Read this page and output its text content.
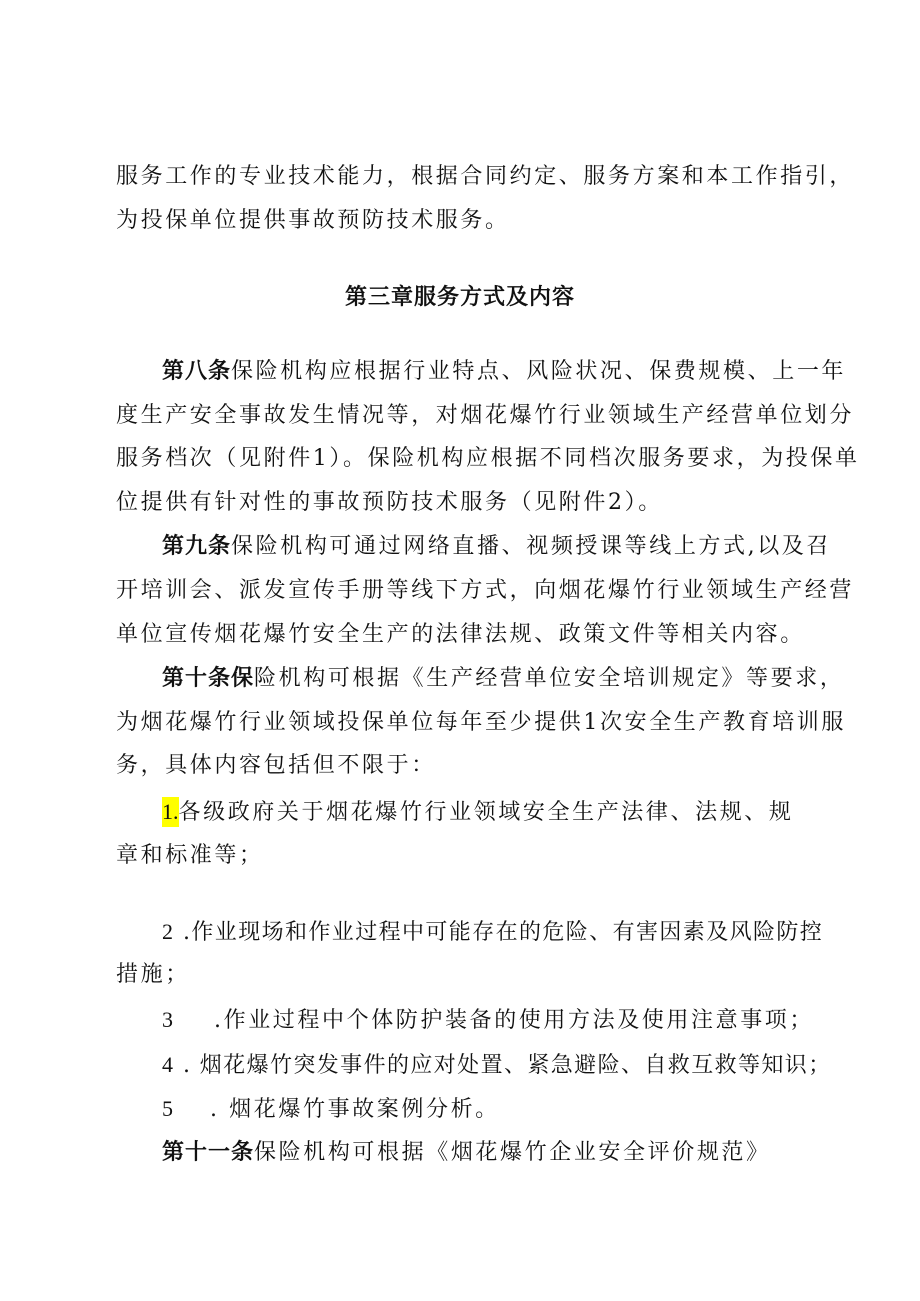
服务工作的专业技术能力，根据合同约定、服务方案和本工作指引，
为投保单位提供事故预防技术服务。
第三章服务方式及内容
第八条保险机构应根据行业特点、风险状况、保费规模、上一年
度生产安全事故发生情况等，对烟花爆竹行业领域生产经营单位划分
服务档次（见附件1）。保险机构应根据不同档次服务要求，为投保单
位提供有针对性的事故预防技术服务（见附件2）。
第九条保险机构可通过网络直播、视频授课等线上方式,以及召
开培训会、派发宣传手册等线下方式，向烟花爆竹行业领域生产经营
单位宣传烟花爆竹安全生产的法律法规、政策文件等相关内容。
第十条保险机构可根据《生产经营单位安全培训规定》等要求，
为烟花爆竹行业领域投保单位每年至少提供1次安全生产教育培训服
务，具体内容包括但不限于：
1.各级政府关于烟花爆竹行业领域安全生产法律、法规、规
章和标准等；
2 .作业现场和作业过程中可能存在的危险、有害因素及风险防控
措施；
3 .作业过程中个体防护装备的使用方法及使用注意事项；
4 . 烟花爆竹突发事件的应对处置、紧急避险、自救互救等知识；
5 . 烟花爆竹事故案例分析。
第十一条保险机构可根据《烟花爆竹企业安全评价规范》
